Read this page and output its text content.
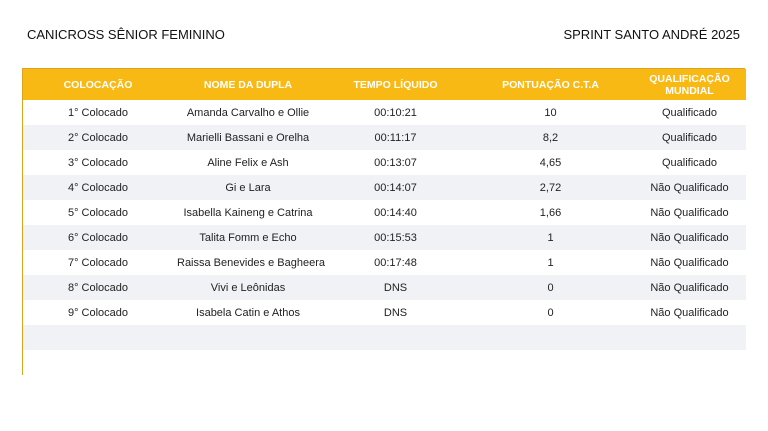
CANICROSS SÊNIOR FEMININO	SPRINT SANTO ANDRÉ 2025
COLOCAÇÃO	NOME DA DUPLA	TEMPO LÍQUIDO	PONTUAÇÃO C.T.A	QUALIFICAÇÃO MUNDIAL
1° Colocado	Amanda Carvalho e Ollie	00:10:21	10	Qualificado
2° Colocado	Marielli Bassani e Orelha	00:11:17	8,2	Qualificado
3° Colocado	Aline Felix e Ash	00:13:07	4,65	Qualificado
4° Colocado	Gi e Lara	00:14:07	2,72	Não Qualificado
5° Colocado	Isabella Kaineng e Catrina	00:14:40	1,66	Não Qualificado
6° Colocado	Talita Fomm e Echo	00:15:53	1	Não Qualificado
7° Colocado	Raissa Benevides e Bagheera	00:17:48	1	Não Qualificado
8° Colocado	Vivi e Leônidas	DNS	0	Não Qualificado
9° Colocado	Isabela Catin e Athos	DNS	0	Não Qualificado
